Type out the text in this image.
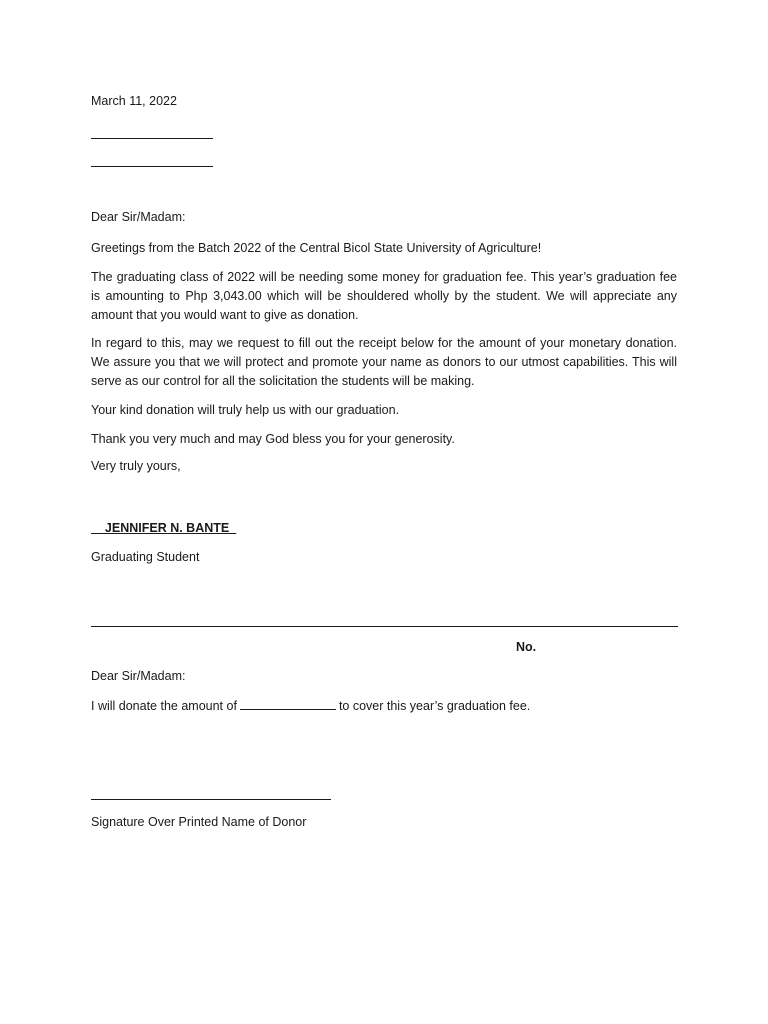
March 11, 2022
Dear Sir/Madam:

Greetings from the Batch 2022 of the Central Bicol State University of Agriculture!

The graduating class of 2022 will be needing some money for graduation fee. This year’s graduation fee is amounting to Php 3,043.00 which will be shouldered wholly by the student. We will appreciate any amount that you would want to give as donation.

In regard to this, may we request to fill out the receipt below for the amount of your monetary donation. We assure you that we will protect and promote your name as donors to our utmost capabilities. This will serve as our control for all the solicitation the students will be making.

Your kind donation will truly help us with our graduation.

Thank you very much and may God bless you for your generosity.

Very truly yours,
__JENNIFER N. BANTE_
Graduating Student
No.
Dear Sir/Madam:
I will donate the amount of	to cover this year’s graduation fee.
Signature Over Printed Name of Donor
